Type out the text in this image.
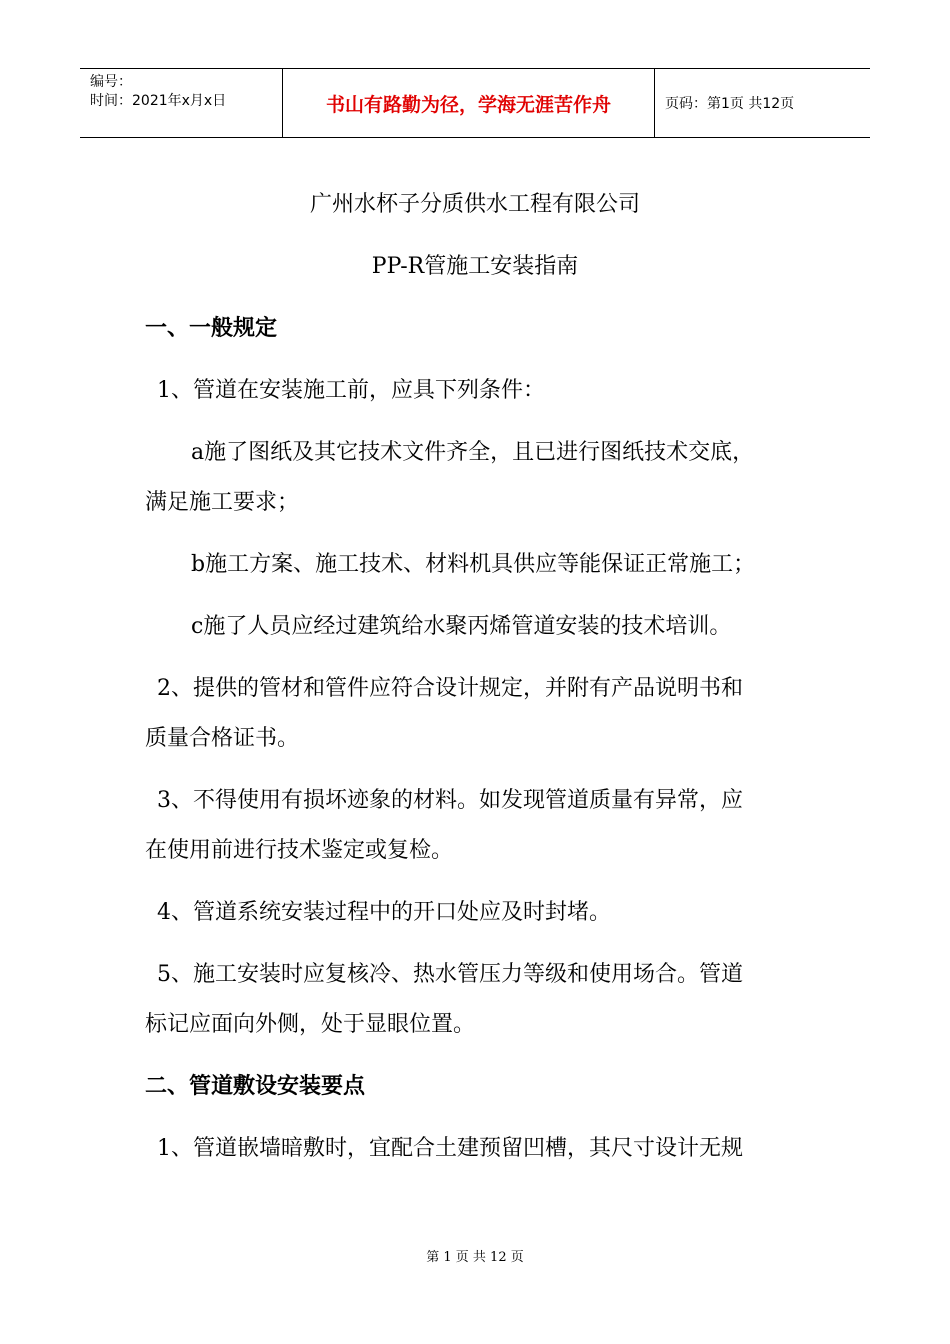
编号：
时间：2021年x月x日	书山有路勤为径，学海无涯苦作舟	页码：第1页 共12页
广州水杯子分质供水工程有限公司
PP-R管施工安装指南
一、一般规定
1、管道在安装施工前，应具下列条件：
a施了图纸及其它技术文件齐全，且已进行图纸技术交底，
满足施工要求；
b施工方案、施工技术、材料机具供应等能保证正常施工；
c施了人员应经过建筑给水聚丙烯管道安装的技术培训。
2、提供的管材和管件应符合设计规定，并附有产品说明书和
质量合格证书。
3、不得使用有损坏迹象的材料。如发现管道质量有异常，应
在使用前进行技术鉴定或复检。
4、管道系统安装过程中的开口处应及时封堵。
5、施工安装时应复核冷、热水管压力等级和使用场合。管道
标记应面向外侧，处于显眼位置。
二、管道敷设安装要点
1、管道嵌墙暗敷时，宜配合土建预留凹槽，其尺寸设计无规
第 1 页 共 12 页
